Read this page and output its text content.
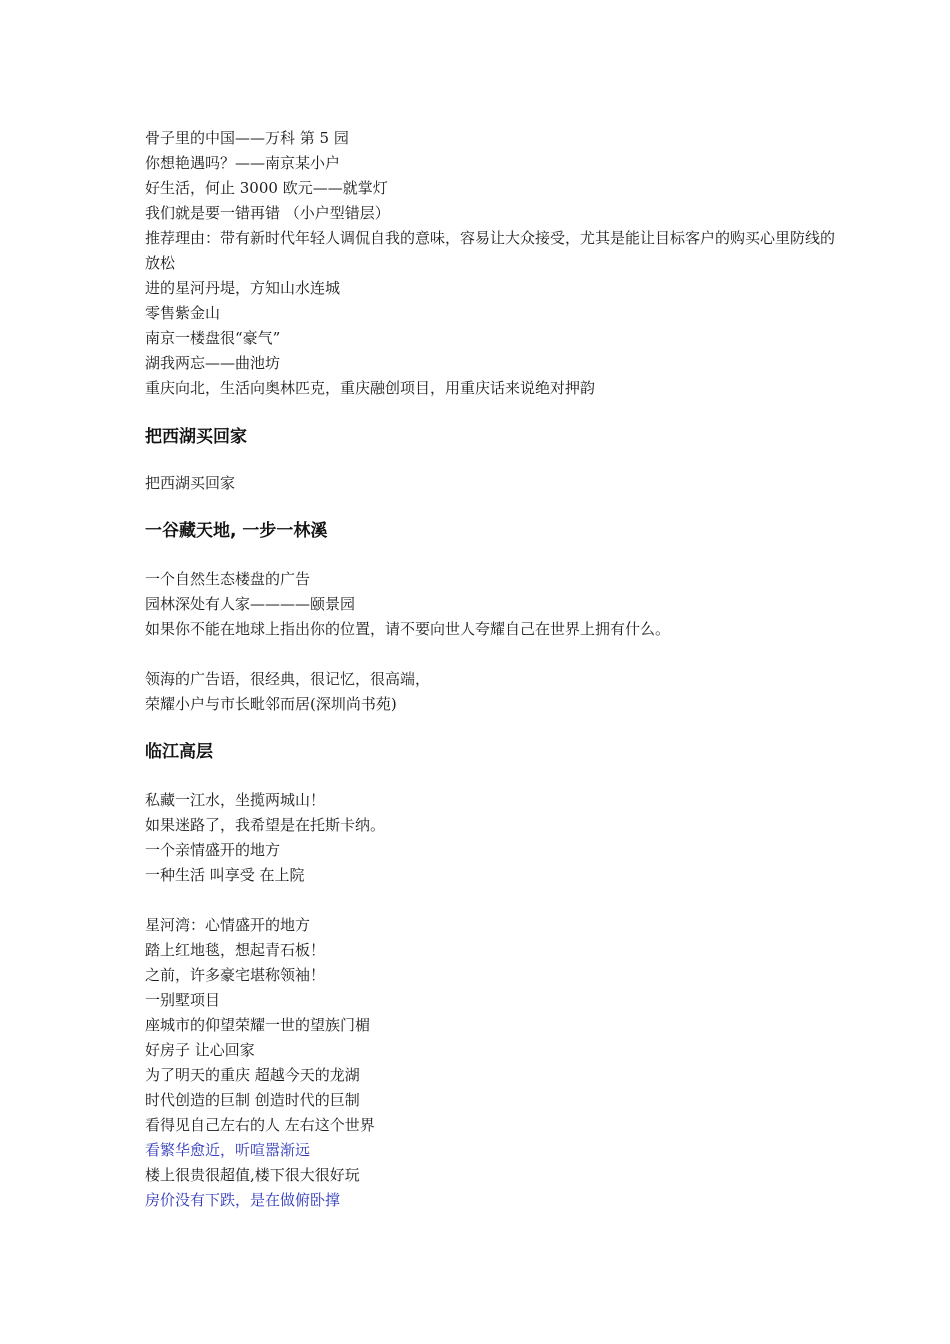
骨子里的中国——万科 第 5 园
你想艳遇吗？——南京某小户
好生活，何止 3000 欧元——就掌灯
我们就是要一错再错 （小户型错层）
推荐理由：带有新时代年轻人调侃自我的意味，容易让大众接受，尤其是能让目标客户的购买心里防线的放松
进的星河丹堤，方知山水连城
零售紫金山
南京一楼盘很“豪气”
湖我两忘——曲池坊
重庆向北，生活向奥林匹克，重庆融创项目，用重庆话来说绝对押韵
把西湖买回家
把西湖买回家
一谷藏天地, 一步一林溪
一个自然生态楼盘的广告
园林深处有人家————颐景园
如果你不能在地球上指出你的位置，请不要向世人夸耀自己在世界上拥有什么。
领海的广告语，很经典，很记忆，很高端，
荣耀小户与市长毗邻而居(深圳尚书苑)
临江高层
私藏一江水，坐揽两城山！
如果迷路了，我希望是在托斯卡纳。
一个亲情盛开的地方
一种生活 叫享受 在上院
星河湾：心情盛开的地方
踏上红地毯，想起青石板！
之前，许多豪宅堪称领袖！
一别墅项目
座城市的仰望荣耀一世的望族门楣
好房子 让心回家
为了明天的重庆 超越今天的龙湖
时代创造的巨制 创造时代的巨制
看得见自己左右的人 左右这个世界
看繁华愈近，听喧嚣渐远
楼上很贵很超值,楼下很大很好玩
房价没有下跌，是在做俯卧撑
